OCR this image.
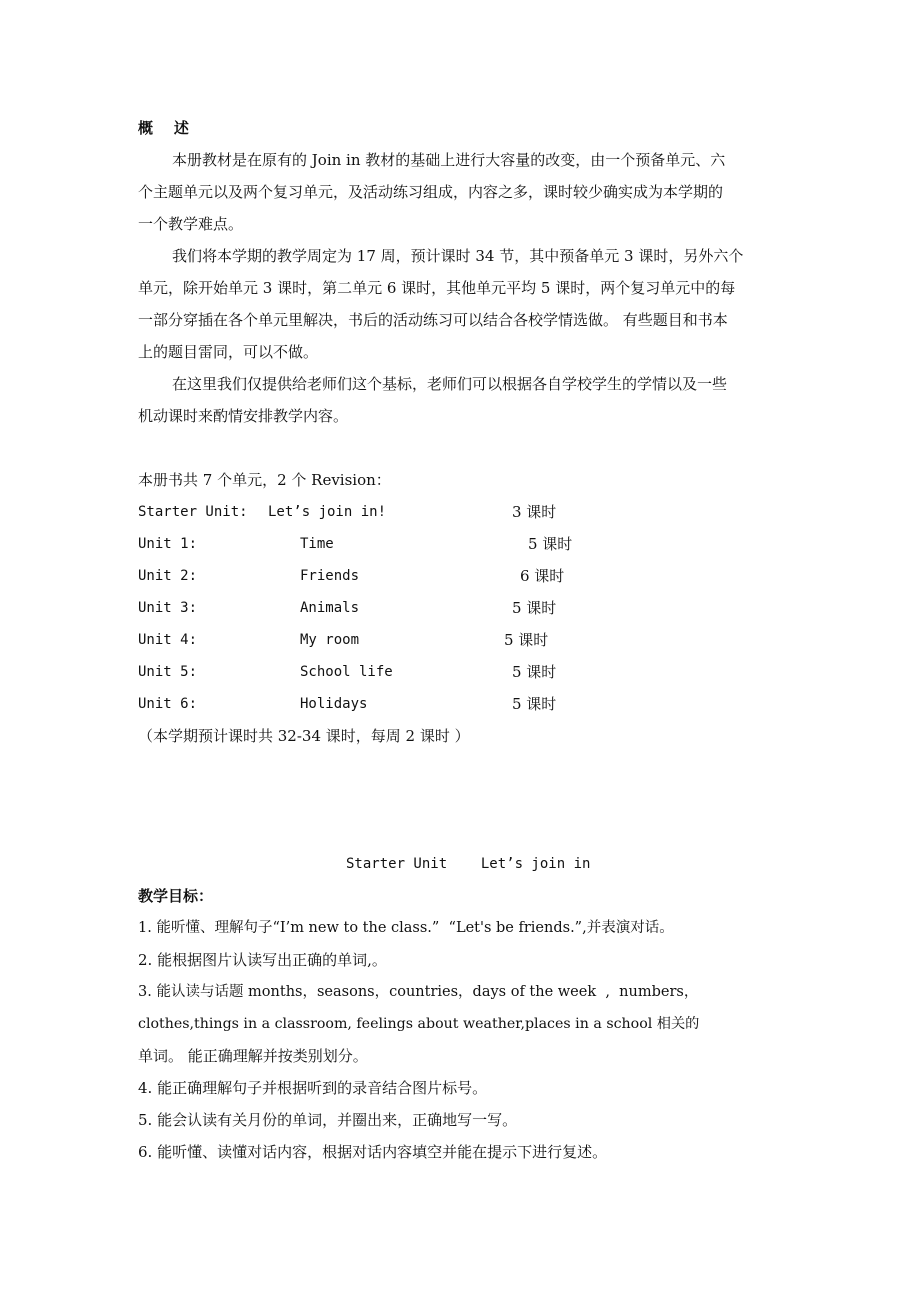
概    述
本册教材是在原有的 Join in 教材的基础上进行大容量的改变，由一个预备单元、六
个主题单元以及两个复习单元，及活动练习组成，内容之多，课时较少确实成为本学期的
一个教学难点。
我们将本学期的教学周定为 17 周，预计课时 34 节，其中预备单元 3 课时，另外六个
单元，除开始单元 3 课时，第二单元 6 课时，其他单元平均 5 课时，两个复习单元中的每
一部分穿插在各个单元里解决，书后的活动练习可以结合各校学情选做。 有些题目和书本
上的题目雷同，可以不做。
在这里我们仅提供给老师们这个基标，老师们可以根据各自学校学生的学情以及一些
机动课时来酌情安排教学内容。
本册书共 7 个单元，2 个 Revision：
Starter Unit: Let’s join in!	3 课时
Unit 1:	Time	5 课时
Unit 2:	Friends	6 课时
Unit 3:	Animals	5 课时
Unit 4:	My room	5 课时
Unit 5:	School life	5 课时
Unit 6:	Holidays	5 课时
（本学期预计课时共 32-34 课时，每周 2 课时 ）
Starter Unit    Let’s join in
教学目标：
1. 能听懂、理解句子“I’m new to the class.”  “Let's be friends.”,并表演对话。
2. 能根据图片认读写出正确的单词,。
3. 能认读与话题 months，seasons，countries，days of the week  ,  numbers，
clothes,things in a classroom, feelings about weather,places in a school 相关的
单词。 能正确理解并按类别划分。
4. 能正确理解句子并根据听到的录音结合图片标号。
5. 能会认读有关月份的单词，并圈出来，正确地写一写。
6. 能听懂、读懂对话内容，根据对话内容填空并能在提示下进行复述。
